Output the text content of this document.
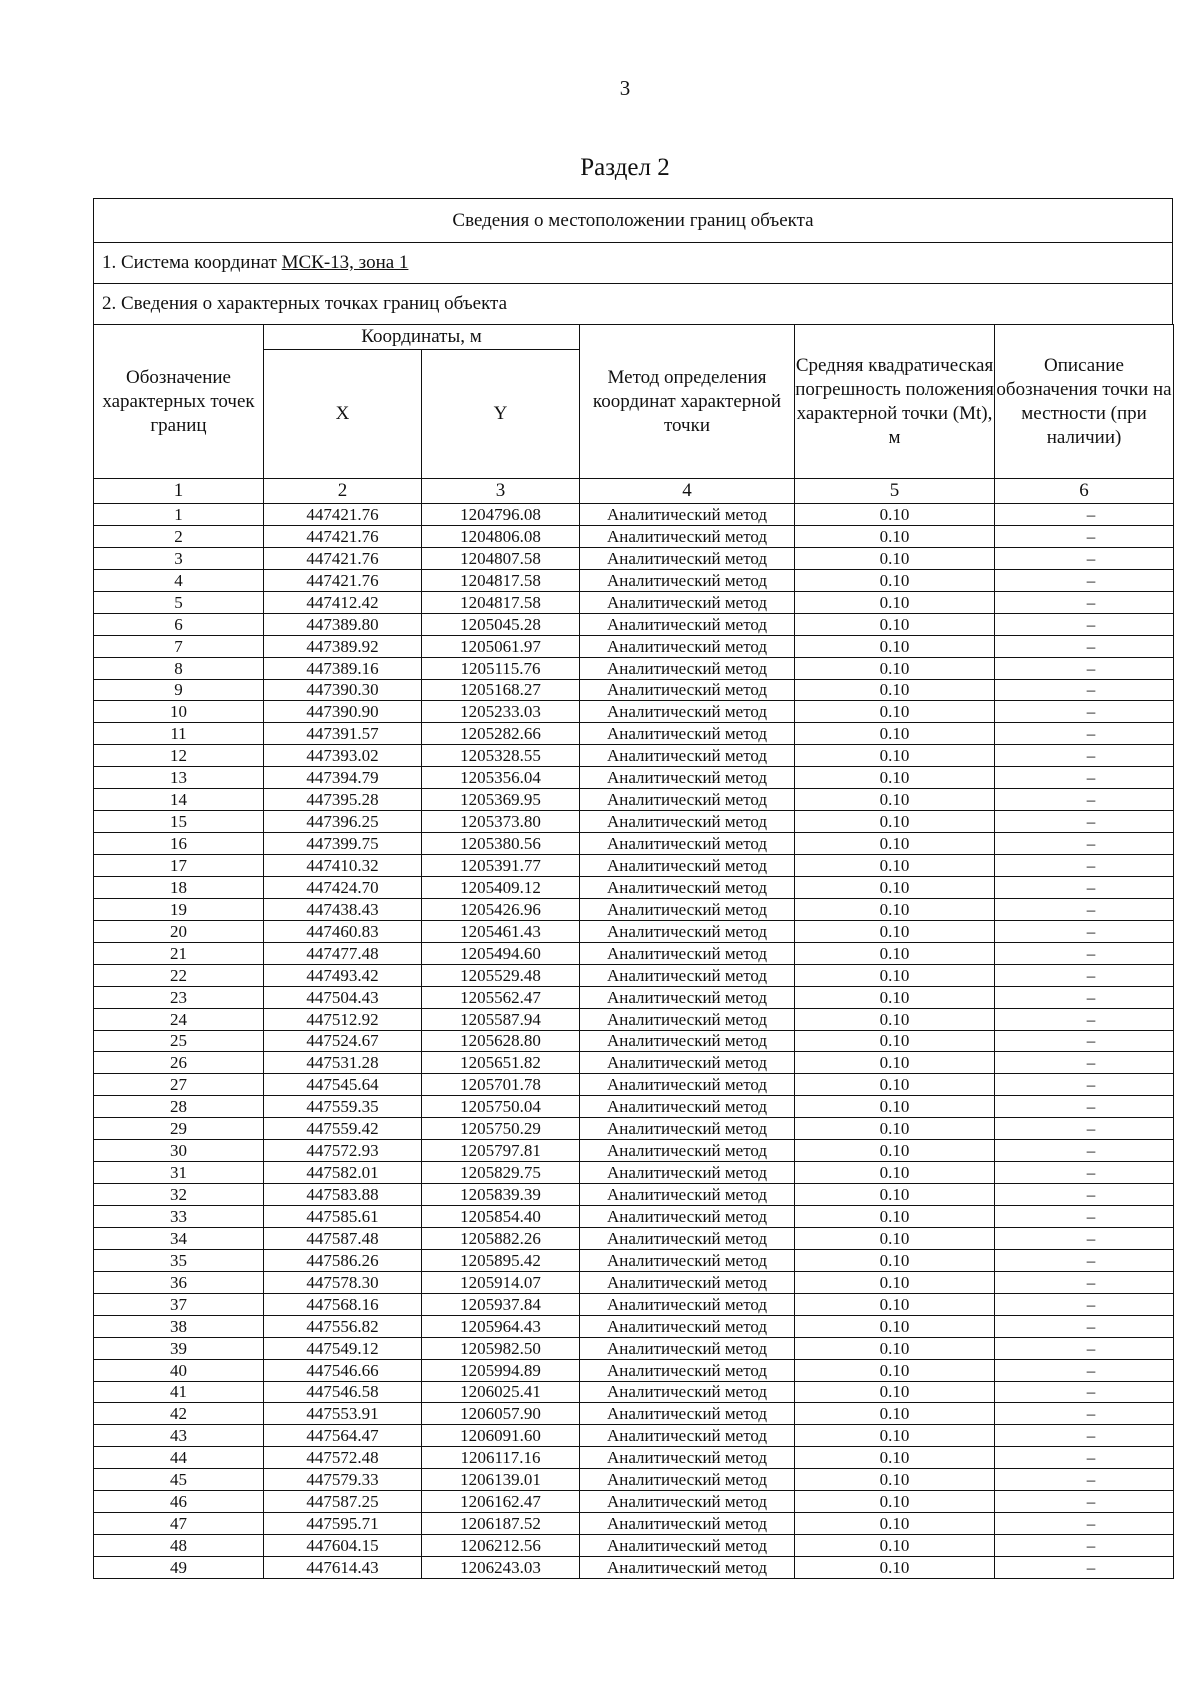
3
Раздел 2
Сведения о местоположении границ объекта
1. Система координат МСК-13, зона 1
2. Сведения о характерных точках границ объекта
Обозначение характерных точек границ	Координаты, м		Метод определения координат характерной точки	Средняя квадратическая погрешность положения характерной точки (Mt), м	Описание обозначения точки на местности (при наличии)
	X	Y			
1	2	3	4	5	6
1	447421.76	1204796.08	Аналитический метод	0.10	–
2	447421.76	1204806.08	Аналитический метод	0.10	–
3	447421.76	1204807.58	Аналитический метод	0.10	–
4	447421.76	1204817.58	Аналитический метод	0.10	–
5	447412.42	1204817.58	Аналитический метод	0.10	–
6	447389.80	1205045.28	Аналитический метод	0.10	–
7	447389.92	1205061.97	Аналитический метод	0.10	–
8	447389.16	1205115.76	Аналитический метод	0.10	–
9	447390.30	1205168.27	Аналитический метод	0.10	–
10	447390.90	1205233.03	Аналитический метод	0.10	–
11	447391.57	1205282.66	Аналитический метод	0.10	–
12	447393.02	1205328.55	Аналитический метод	0.10	–
13	447394.79	1205356.04	Аналитический метод	0.10	–
14	447395.28	1205369.95	Аналитический метод	0.10	–
15	447396.25	1205373.80	Аналитический метод	0.10	–
16	447399.75	1205380.56	Аналитический метод	0.10	–
17	447410.32	1205391.77	Аналитический метод	0.10	–
18	447424.70	1205409.12	Аналитический метод	0.10	–
19	447438.43	1205426.96	Аналитический метод	0.10	–
20	447460.83	1205461.43	Аналитический метод	0.10	–
21	447477.48	1205494.60	Аналитический метод	0.10	–
22	447493.42	1205529.48	Аналитический метод	0.10	–
23	447504.43	1205562.47	Аналитический метод	0.10	–
24	447512.92	1205587.94	Аналитический метод	0.10	–
25	447524.67	1205628.80	Аналитический метод	0.10	–
26	447531.28	1205651.82	Аналитический метод	0.10	–
27	447545.64	1205701.78	Аналитический метод	0.10	–
28	447559.35	1205750.04	Аналитический метод	0.10	–
29	447559.42	1205750.29	Аналитический метод	0.10	–
30	447572.93	1205797.81	Аналитический метод	0.10	–
31	447582.01	1205829.75	Аналитический метод	0.10	–
32	447583.88	1205839.39	Аналитический метод	0.10	–
33	447585.61	1205854.40	Аналитический метод	0.10	–
34	447587.48	1205882.26	Аналитический метод	0.10	–
35	447586.26	1205895.42	Аналитический метод	0.10	–
36	447578.30	1205914.07	Аналитический метод	0.10	–
37	447568.16	1205937.84	Аналитический метод	0.10	–
38	447556.82	1205964.43	Аналитический метод	0.10	–
39	447549.12	1205982.50	Аналитический метод	0.10	–
40	447546.66	1205994.89	Аналитический метод	0.10	–
41	447546.58	1206025.41	Аналитический метод	0.10	–
42	447553.91	1206057.90	Аналитический метод	0.10	–
43	447564.47	1206091.60	Аналитический метод	0.10	–
44	447572.48	1206117.16	Аналитический метод	0.10	–
45	447579.33	1206139.01	Аналитический метод	0.10	–
46	447587.25	1206162.47	Аналитический метод	0.10	–
47	447595.71	1206187.52	Аналитический метод	0.10	–
48	447604.15	1206212.56	Аналитический метод	0.10	–
49	447614.43	1206243.03	Аналитический метод	0.10	–
